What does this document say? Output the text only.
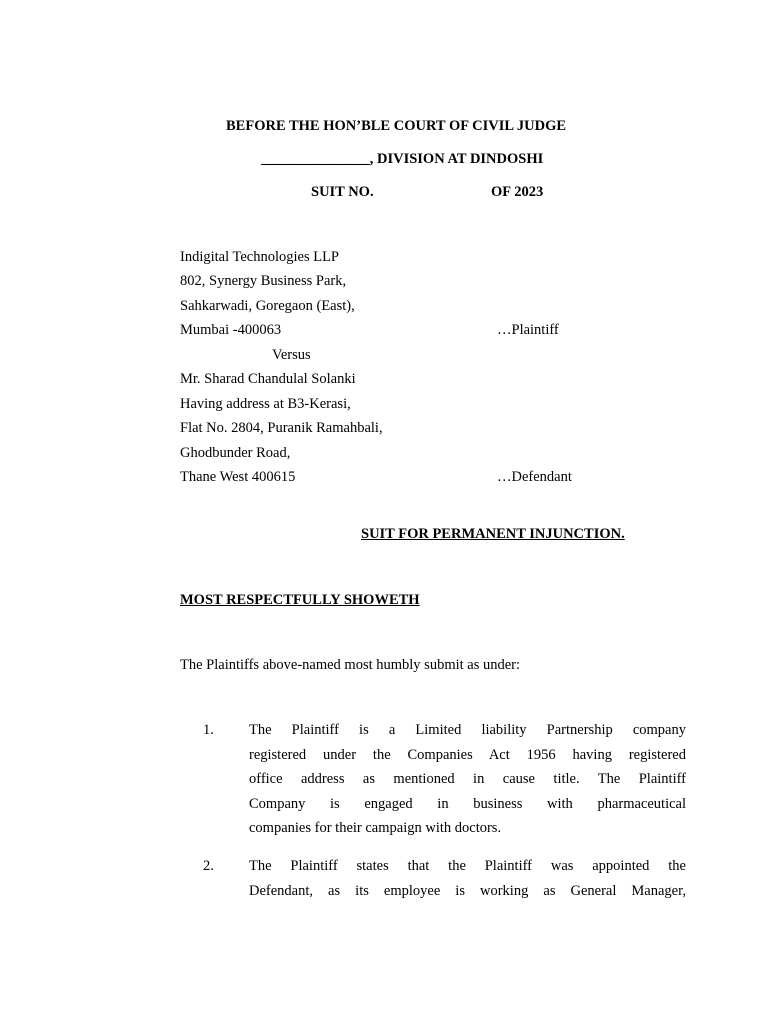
BEFORE THE HON’BLE COURT OF CIVIL JUDGE
_______________, DIVISION AT DINDOSHI
SUIT NO.	OF 2023
Indigital Technologies LLP
802, Synergy Business Park,
Sahkarwadi, Goregaon (East),
Mumbai -400063	…Plaintiff
Versus
Mr. Sharad Chandulal Solanki
Having address at B3-Kerasi,
Flat No. 2804, Puranik Ramahbali,
Ghodbunder Road,
Thane West 400615	…Defendant
SUIT FOR PERMANENT INJUNCTION.
MOST RESPECTFULLY SHOWETH
The Plaintiffs above-named most humbly submit as under:
1. The Plaintiff is a Limited liability Partnership company
registered under the Companies Act 1956 having registered
office address as mentioned in cause title. The Plaintiff
Company is engaged in business with pharmaceutical
companies for their campaign with doctors.
2. The Plaintiff states that the Plaintiff was appointed the
Defendant, as its employee is working as General Manager,
